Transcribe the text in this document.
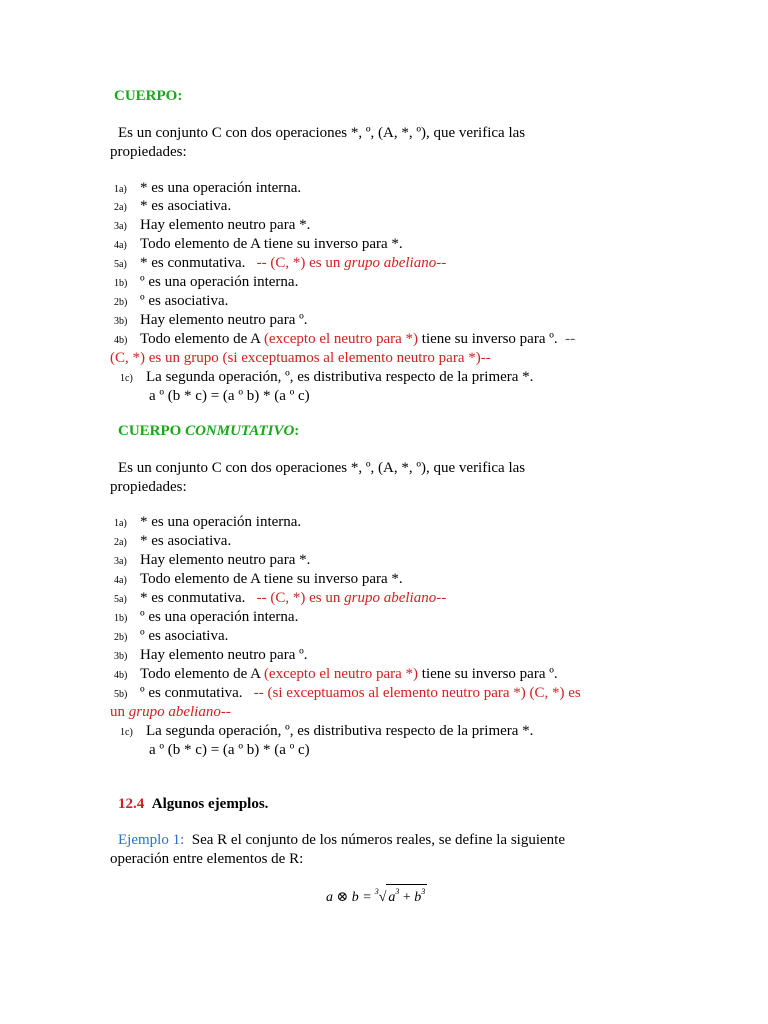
CUERPO:
Es un conjunto C con dos operaciones *, º, (A, *, º), que verifica las
propiedades:
1a) * es una operación interna.
2a) * es asociativa.
3a) Hay elemento neutro para *.
4a) Todo elemento de A tiene su inverso para *.
5a) * es conmutativa. -- (C, *) es un grupo abeliano--
1b) º es una operación interna.
2b) º es asociativa.
3b) Hay elemento neutro para º.
4b) Todo elemento de A (excepto el neutro para *) tiene su inverso para º. --
(C, *) es un grupo (si exceptuamos al elemento neutro para *)--
1c) La segunda operación, º, es distributiva respecto de la primera *.
a º (b * c) = (a º b) * (a º c)
CUERPO CONMUTATIVO:
Es un conjunto C con dos operaciones *, º, (A, *, º), que verifica las
propiedades:
1a) * es una operación interna.
2a) * es asociativa.
3a) Hay elemento neutro para *.
4a) Todo elemento de A tiene su inverso para *.
5a) * es conmutativa. -- (C, *) es un grupo abeliano--
1b) º es una operación interna.
2b) º es asociativa.
3b) Hay elemento neutro para º.
4b) Todo elemento de A (excepto el neutro para *) tiene su inverso para º.
5b) º es conmutativa. -- (si exceptuamos al elemento neutro para *) (C, *) es
un grupo abeliano--
1c) La segunda operación, º, es distributiva respecto de la primera *.
a º (b * c) = (a º b) * (a º c)
12.4 Algunos ejemplos.
Ejemplo 1: Sea R el conjunto de los números reales, se define la siguiente
operación entre elementos de R:
a ⊗ b = $^3$√ $a^3 + b^3$
